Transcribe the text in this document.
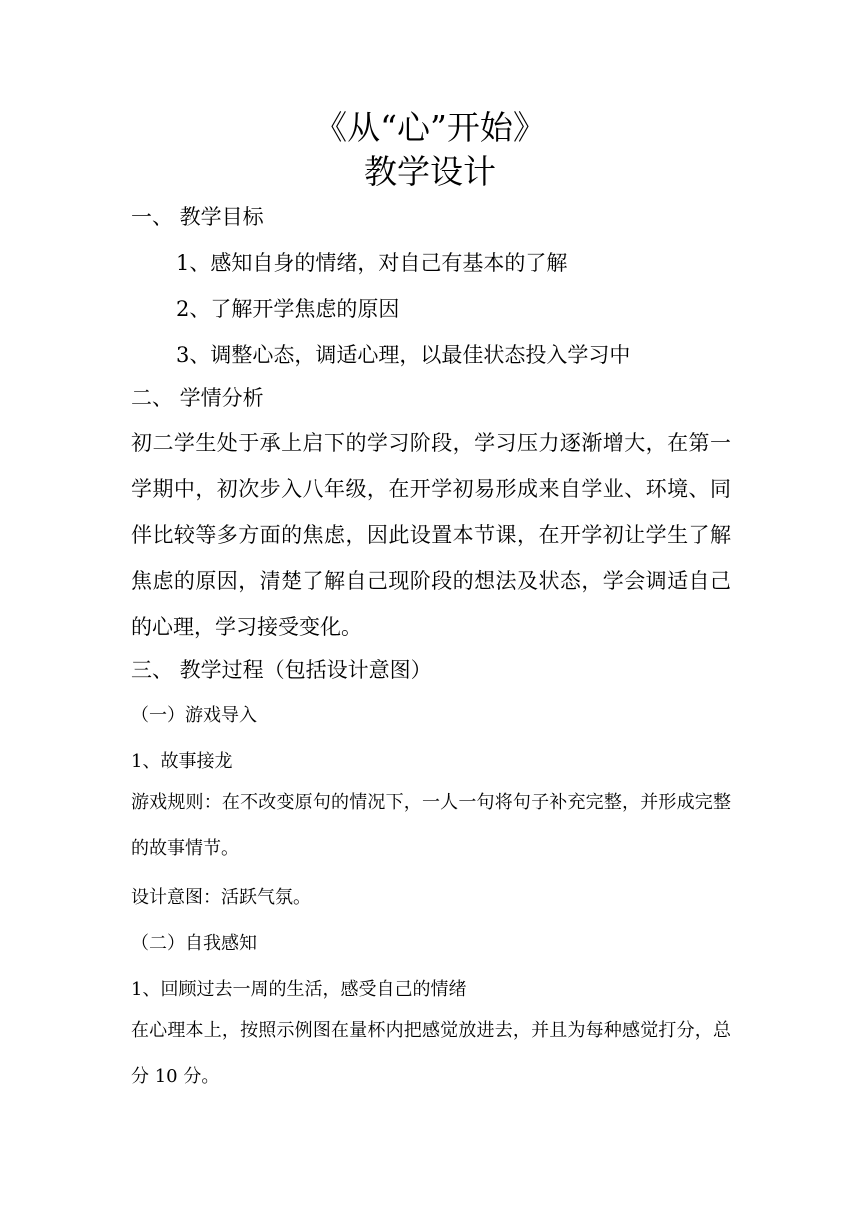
《从“心”开始》
教学设计
一、 教学目标
1、感知自身的情绪，对自己有基本的了解
2、了解开学焦虑的原因
3、调整心态，调适心理，以最佳状态投入学习中
二、 学情分析
初二学生处于承上启下的学习阶段，学习压力逐渐增大，在第一学期中，初次步入八年级，在开学初易形成来自学业、环境、同伴比较等多方面的焦虑，因此设置本节课，在开学初让学生了解焦虑的原因，清楚了解自己现阶段的想法及状态，学会调适自己的心理，学习接受变化。
三、 教学过程（包括设计意图）
（一）游戏导入
1、故事接龙
游戏规则：在不改变原句的情况下，一人一句将句子补充完整，并形成完整的故事情节。
设计意图：活跃气氛。
（二）自我感知
1、回顾过去一周的生活，感受自己的情绪
在心理本上，按照示例图在量杯内把感觉放进去，并且为每种感觉打分，总分 10 分。
